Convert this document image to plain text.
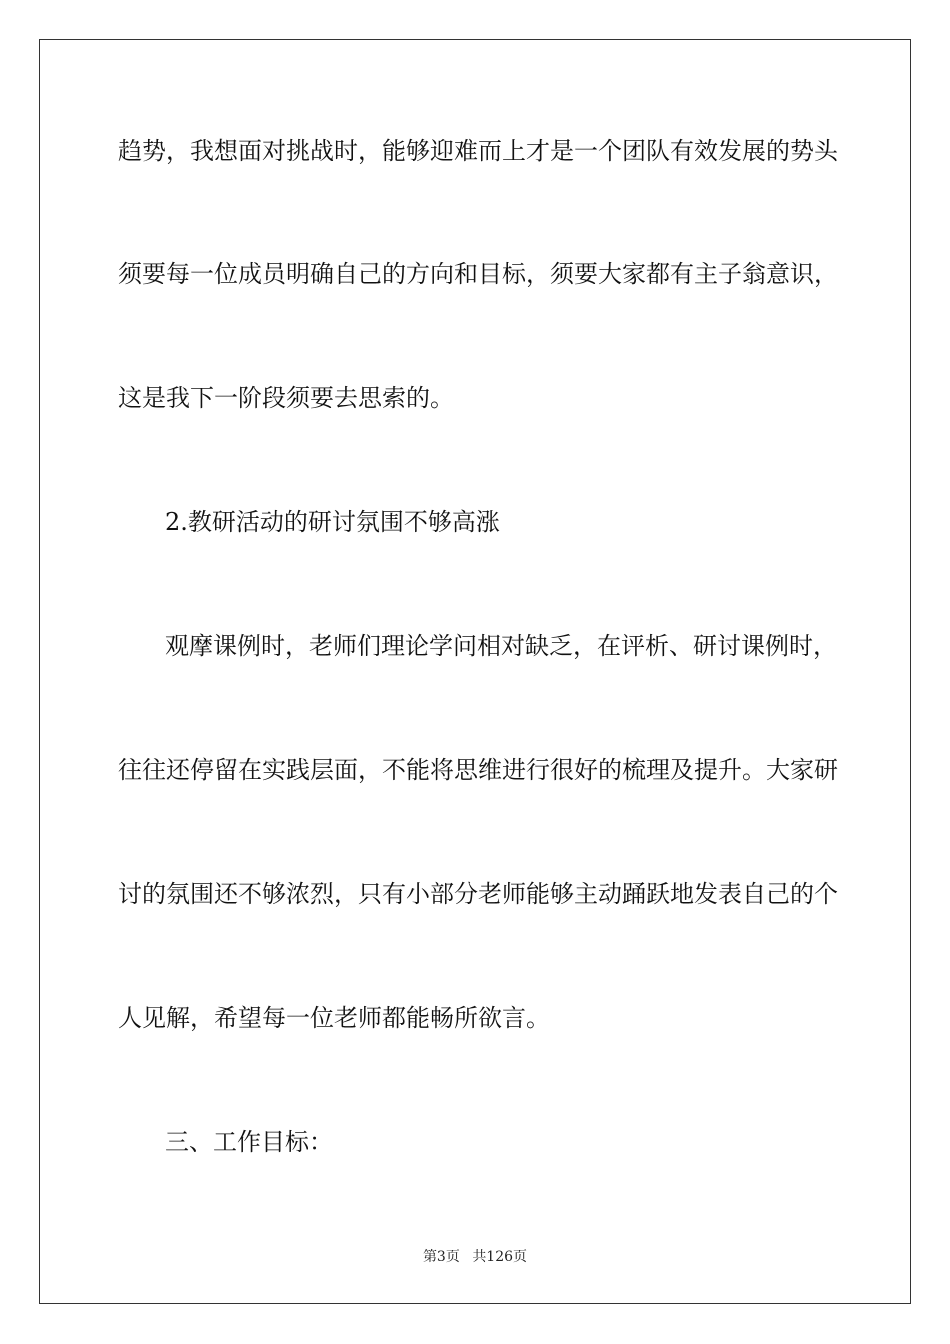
趋势，我想面对挑战时，能够迎难而上才是一个团队有效发展的势头
须要每一位成员明确自己的方向和目标，须要大家都有主子翁意识，
这是我下一阶段须要去思索的。
2.教研活动的研讨氛围不够高涨
观摩课例时，老师们理论学问相对缺乏，在评析、研讨课例时，
往往还停留在实践层面，不能将思维进行很好的梳理及提升。大家研
讨的氛围还不够浓烈，只有小部分老师能够主动踊跃地发表自己的个
人见解，希望每一位老师都能畅所欲言。
三、工作目标：
第3页 共126页
